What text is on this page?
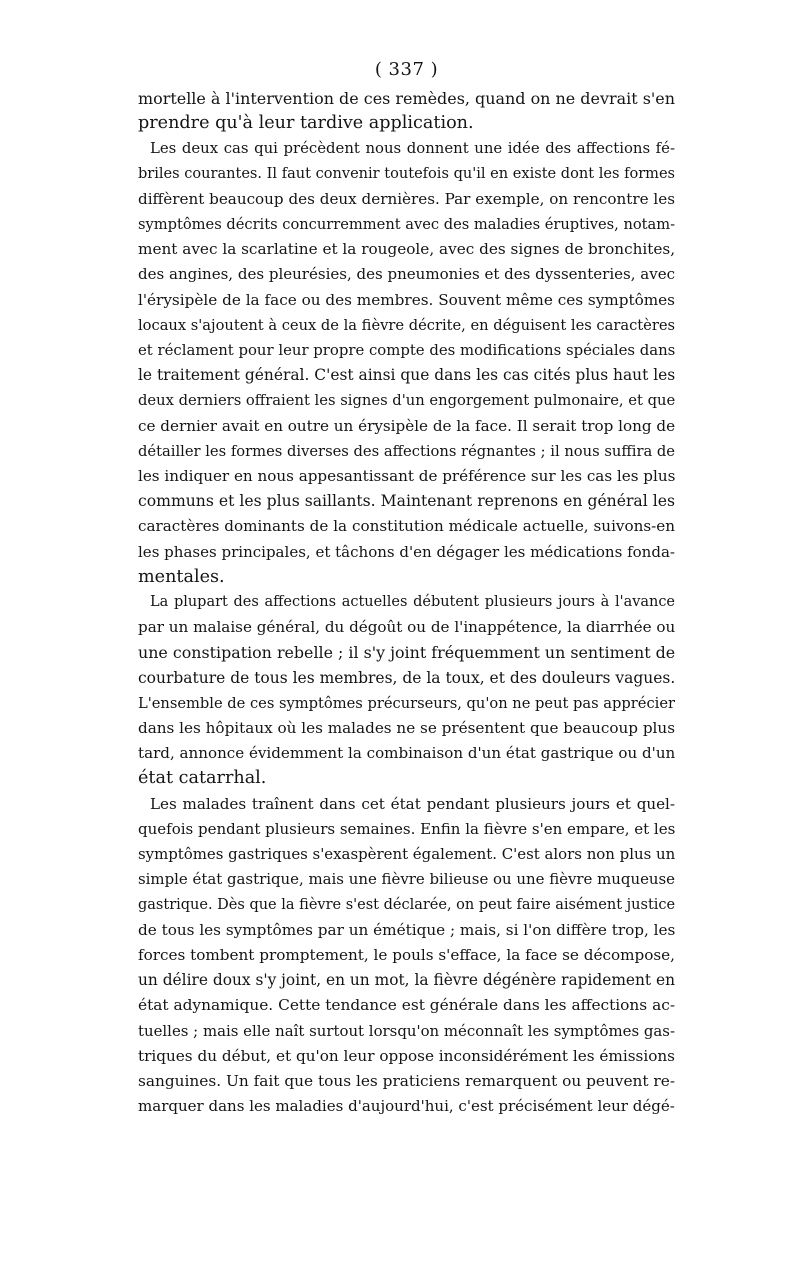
( 337 )
mortelle à l'intervention de ces remèdes, quand on ne devrait s'en
prendre qu'à leur tardive application.
Les deux cas qui précèdent nous donnent une idée des affections fé-
briles courantes. Il faut convenir toutefois qu'il en existe dont les formes
diffèrent beaucoup des deux dernières. Par exemple, on rencontre les
symptômes décrits concurremment avec des maladies éruptives, notam-
ment avec la scarlatine et la rougeole, avec des signes de bronchites,
des angines, des pleurésies, des pneumonies et des dyssenteries, avec
l'érysipèle de la face ou des membres. Souvent même ces symptômes
locaux s'ajoutent à ceux de la fièvre décrite, en déguisent les caractères
et réclament pour leur propre compte des modifications spéciales dans
le traitement général. C'est ainsi que dans les cas cités plus haut les
deux derniers offraient les signes d'un engorgement pulmonaire, et que
ce dernier avait en outre un érysipèle de la face. Il serait trop long de
détailler les formes diverses des affections régnantes ; il nous suffira de
les indiquer en nous appesantissant de préférence sur les cas les plus
communs et les plus saillants. Maintenant reprenons en général les
caractères dominants de la constitution médicale actuelle, suivons-en
les phases principales, et tâchons d'en dégager les médications fonda-
mentales.
La plupart des affections actuelles débutent plusieurs jours à l'avance
par un malaise général, du dégoût ou de l'inappétence, la diarrhée ou
une constipation rebelle ; il s'y joint fréquemment un sentiment de
courbature de tous les membres, de la toux, et des douleurs vagues.
L'ensemble de ces symptômes précurseurs, qu'on ne peut pas apprécier
dans les hôpitaux où les malades ne se présentent que beaucoup plus
tard, annonce évidemment la combinaison d'un état gastrique ou d'un
état catarrhal.
Les malades traînent dans cet état pendant plusieurs jours et quel-
quefois pendant plusieurs semaines. Enfin la fièvre s'en empare, et les
symptômes gastriques s'exaspèrent également. C'est alors non plus un
simple état gastrique, mais une fièvre bilieuse ou une fièvre muqueuse
gastrique. Dès que la fièvre s'est déclarée, on peut faire aisément justice
de tous les symptômes par un émétique ; mais, si l'on diffère trop, les
forces tombent promptement, le pouls s'efface, la face se décompose,
un délire doux s'y joint, en un mot, la fièvre dégénère rapidement en
état adynamique. Cette tendance est générale dans les affections ac-
tuelles ; mais elle naît surtout lorsqu'on méconnaît les symptômes gas-
triques du début, et qu'on leur oppose inconsidérément les émissions
sanguines. Un fait que tous les praticiens remarquent ou peuvent re-
marquer dans les maladies d'aujourd'hui, c'est précisément leur dégé-
